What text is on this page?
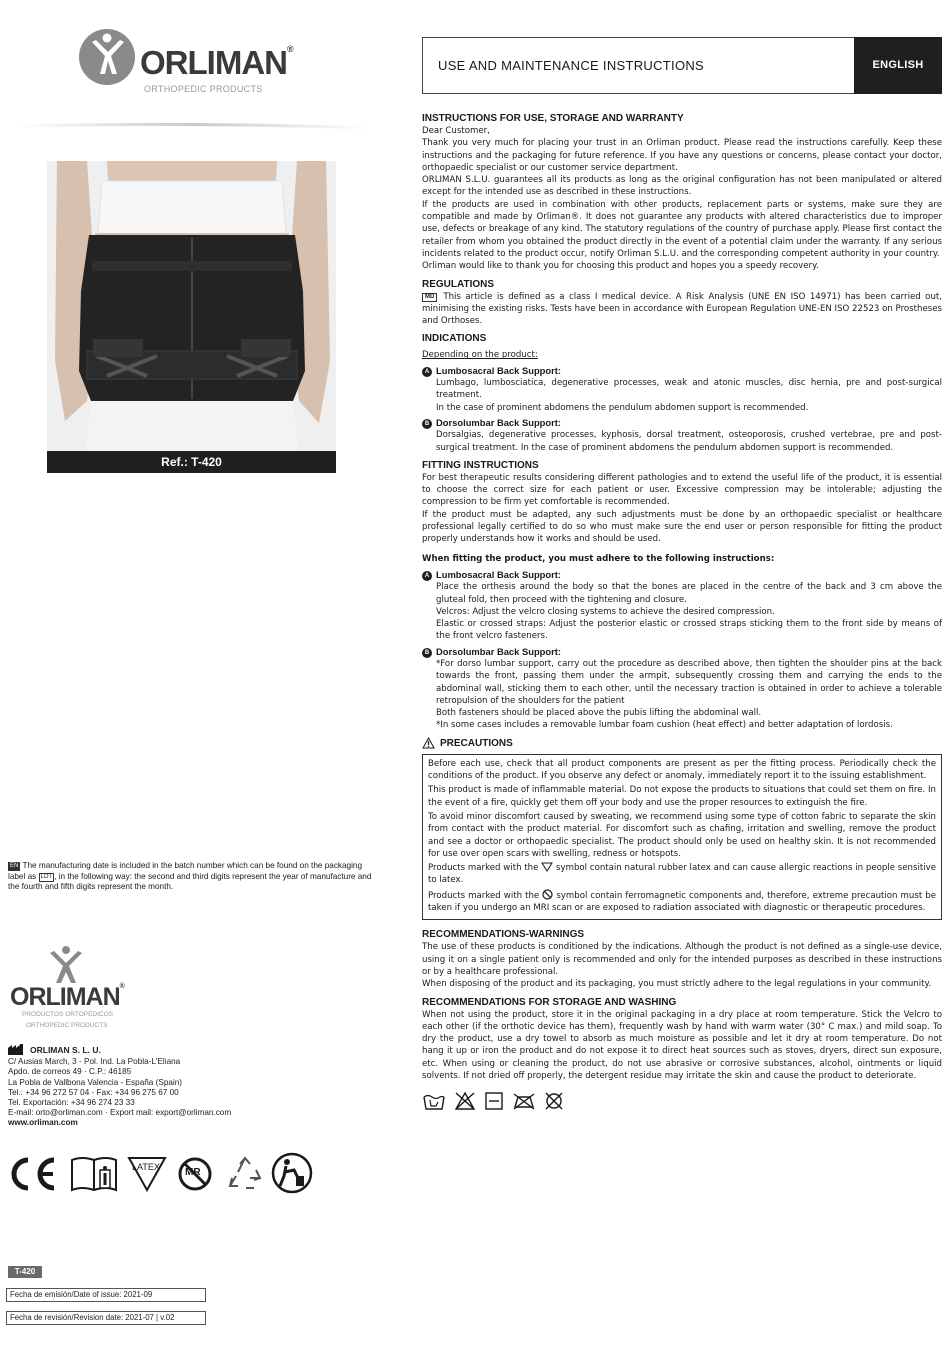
ORLIMAN®
ORTHOPEDIC PRODUCTS
Ref.: T-420
EN The manufacturing date is included in the batch number which can be found on the packaging label as LOT , in the following way: the second and third digits represent the year of manufacture and the fourth and fifth digits represent the month.
ORLIMAN®
PRODUCTOS ORTOPÉDICOS
ORTHOPEDIC PRODUCTS
ORLIMAN S. L. U.
C/ Ausias March, 3 - Pol. Ind. La Pobla-L'Eliana
Apdo. de correos 49 · C.P.: 46185
La Pobla de Vallbona Valencia - España (Spain)
Tel.: +34 96 272 57 04 - Fax: +34 96 275 67 00
Tel. Exportación: +34 96 274 23 33
E-mail: orto@orliman.com · Export mail: export@orliman.com
www.orliman.com
LATEX	MR
T-420
Fecha de emisión/Date of issue: 2021-09
Fecha de revisión/Revision date: 2021-07 | v.02
USE AND MAINTENANCE INSTRUCTIONS	ENGLISH
INSTRUCTIONS FOR USE, STORAGE AND WARRANTY

Dear Customer,

Thank you very much for placing your trust in an Orliman product. Please read the instructions carefully. Keep these instructions and the packaging for future reference. If you have any questions or concerns, please contact your doctor, orthopaedic specialist or our customer service department.

ORLIMAN S.L.U. guarantees all its products as long as the original configuration has not been manipulated or altered except for the intended use as described in these instructions.

If the products are used in combination with other products, replacement parts or systems, make sure they are compatible and made by Orliman®. It does not guarantee any products with altered characteristics due to improper use, defects or breakage of any kind. The statutory regulations of the country of purchase apply. Please first contact the retailer from whom you obtained the product directly in the event of a potential claim under the warranty. If any serious incidents related to the product occur, notify Orliman S.L.U. and the corresponding competent authority in your country.

Orliman would like to thank you for choosing this product and hopes you a speedy recovery.

REGULATIONS

MD This article is defined as a class I medical device. A Risk Analysis (UNE EN ISO 14971) has been carried out, minimising the existing risks. Tests have been in accordance with European Regulation UNE-EN ISO 22523 on Prostheses and Orthoses.

INDICATIONS

Depending on the product:

A Lumbosacral Back Support:

Lumbago, lumbosciatica, degenerative processes, weak and atonic muscles, disc hernia, pre and post-surgical treatment.

In the case of prominent abdomens the pendulum abdomen support is recommended.

B Dorsolumbar Back Support:

Dorsalgias, degenerative processes, kyphosis, dorsal treatment, osteoporosis, crushed vertebrae, pre and post-surgical treatment. In the case of prominent abdomens the pendulum abdomen support is recommended.

FITTING INSTRUCTIONS

For best therapeutic results considering different pathologies and to extend the useful life of the product, it is essential to choose the correct size for each patient or user. Excessive compression may be intolerable; adjusting the compression to be firm yet comfortable is recommended.

If the product must be adapted, any such adjustments must be done by an orthopaedic specialist or healthcare professional legally certified to do so who must make sure the end user or person responsible for fitting the product properly understands how it works and should be used.

When fitting the product, you must adhere to the following instructions:

A Lumbosacral Back Support:

Place the orthesis around the body so that the bones are placed in the centre of the back and 3 cm above the gluteal fold, then proceed with the tightening and closure.

Velcros: Adjust the velcro closing systems to achieve the desired compression.

Elastic or crossed straps: Adjust the posterior elastic or crossed straps sticking them to the front side by means of the front velcro fasteners.

B Dorsolumbar Back Support:

*For dorso lumbar support, carry out the procedure as described above, then tighten the shoulder pins at the back towards the front, passing them under the armpit, subsequently crossing them and carrying the ends to the abdominal wall, sticking them to each other, until the necessary traction is obtained in order to achieve a tolerable retropulsion of the shoulders for the patient

Both fasteners should be placed above the pubis lifting the abdominal wall.

*In some cases includes a removable lumbar foam cushion (heat effect) and better adaptation of lordosis.

PRECAUTIONS

Before each use, check that all product components are present as per the fitting process. Periodically check the conditions of the product. If you observe any defect or anomaly, immediately report it to the issuing establishment.

This product is made of inflammable material. Do not expose the products to situations that could set them on fire. In the event of a fire, quickly get them off your body and use the proper resources to extinguish the fire.

To avoid minor discomfort caused by sweating, we recommend using some type of cotton fabric to separate the skin from contact with the product material. For discomfort such as chafing, irritation and swelling, remove the product and see a doctor or orthopaedic specialist. The product should only be used on healthy skin. It is not recommended for use over open scars with swelling, redness or hotspots.

Products marked with the symbol contain natural rubber latex and can cause allergic reactions in people sensitive to latex.

Products marked with the symbol contain ferromagnetic components and, therefore, extreme precaution must be taken if you undergo an MRI scan or are exposed to radiation associated with diagnostic or therapeutic procedures.

RECOMMENDATIONS-WARNINGS

The use of these products is conditioned by the indications. Although the product is not defined as a single-use device, using it on a single patient only is recommended and only for the intended purposes as described in these instructions or by a healthcare professional.

When disposing of the product and its packaging, you must strictly adhere to the legal regulations in your community.

RECOMMENDATIONS FOR STORAGE AND WASHING

When not using the product, store it in the original packaging in a dry place at room temperature. Stick the Velcro to each other (if the orthotic device has them), frequently wash by hand with warm water (30° C max.) and mild soap. To dry the product, use a dry towel to absorb as much moisture as possible and let it dry at room temperature. Do not hang it up or iron the product and do not expose it to direct heat sources such as stoves, dryers, direct sun exposure, etc. When using or cleaning the product, do not use abrasive or corrosive substances, alcohol, ointments or liquid solvents. If not dried off properly, the detergent residue may irritate the skin and cause the product to deteriorate.
